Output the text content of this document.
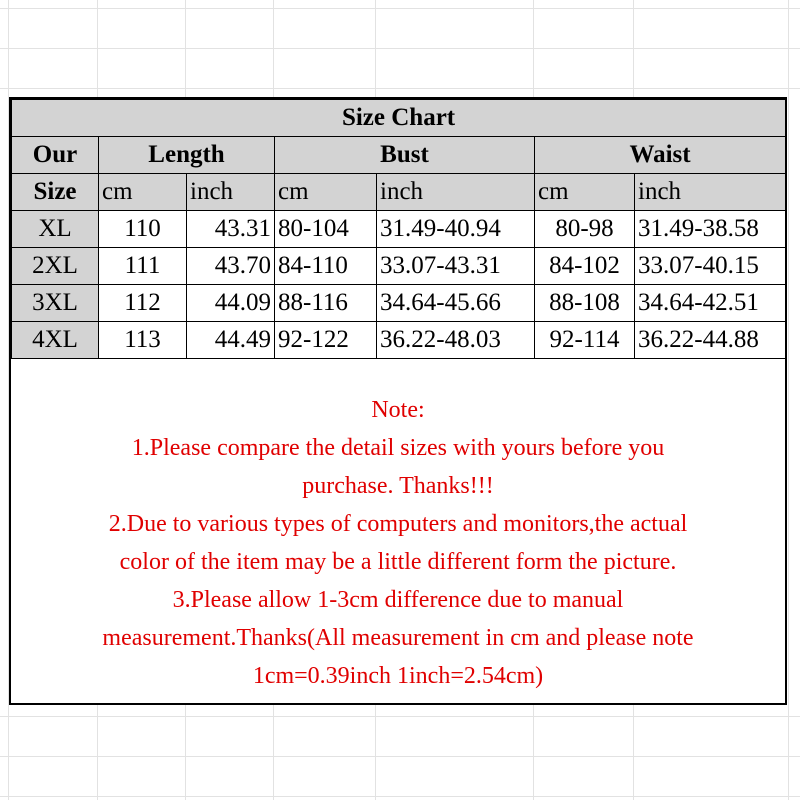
Size Chart						
Our	Length		Bust		Waist	
Size	cm	inch	cm	inch	cm	inch
XL	110	43.31	80-104	31.49-40.94	80-98	31.49-38.58
2XL	111	43.70	84-110	33.07-43.31	84-102	33.07-40.15
3XL	112	44.09	88-116	34.64-45.66	88-108	34.64-42.51
4XL	113	44.49	92-122	36.22-48.03	92-114	36.22-44.88

Note:

1.Please compare the detail sizes with yours before you

purchase. Thanks!!!

2.Due to various types of computers and monitors,the actual

color of the item may be a little different form the picture.

3.Please allow 1-3cm difference due to manual

measurement.Thanks(All measurement in cm and please note

1cm=0.39inch 1inch=2.54cm)
